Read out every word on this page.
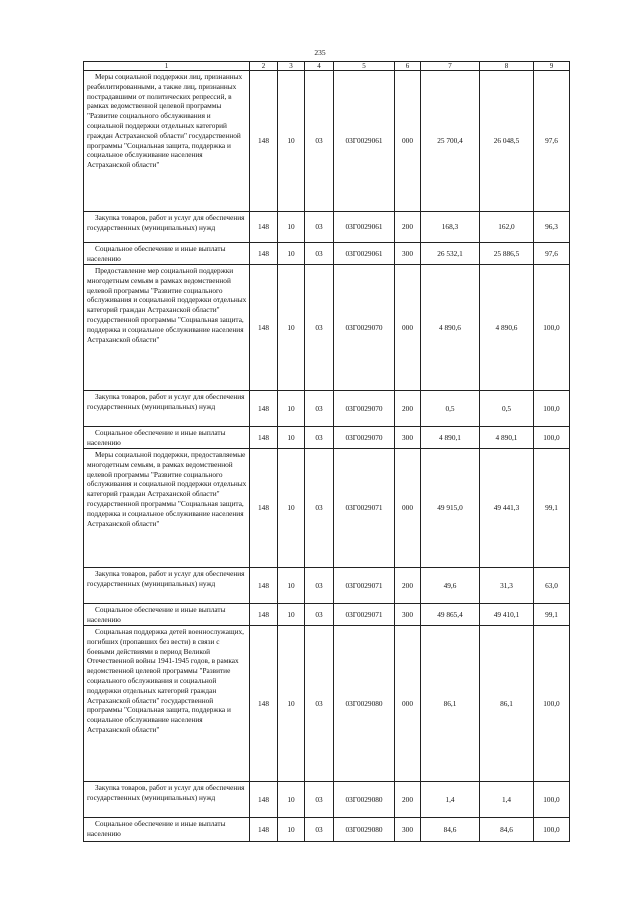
235
1	2	3	4	5	6	7	8	9

Меры социальной поддержки лиц, признанных реабилитированными, а также лиц, признанных пострадавшими от политических репрессий, в рамках ведомственной целевой программы "Развитие социального обслуживания и социальной поддержки отдельных категорий граждан Астраханской области" государственной программы "Социальная защита, поддержка и социальное обслуживание населения Астраханской области"	148	10	03	03Г0029061	000	25 700,4	26 048,5	97,6

Закупка товаров, работ и услуг для обеспечения государственных (муниципальных) нужд	148	10	03	03Г0029061	200	168,3	162,0	96,3

Социальное обеспечение и иные выплаты населению	148	10	03	03Г0029061	300	26 532,1	25 886,5	97,6

Предоставление мер социальной поддержки многодетным семьям в рамках ведомственной целевой программы "Развитие социального обслуживания и социальной поддержки отдельных категорий граждан Астраханской области" государственной программы "Социальная защита, поддержка и социальное обслуживание населения Астраханской области"	148	10	03	03Г0029070	000	4 890,6	4 890,6	100,0

Закупка товаров, работ и услуг для обеспечения государственных (муниципальных) нужд	148	10	03	03Г0029070	200	0,5	0,5	100,0

Социальное обеспечение и иные выплаты населению	148	10	03	03Г0029070	300	4 890,1	4 890,1	100,0

Меры социальной поддержки, предоставляемые многодетным семьям, в рамках ведомственной целевой программы "Развитие социального обслуживания и социальной поддержки отдельных категорий граждан Астраханской области" государственной программы "Социальная защита, поддержка и социальное обслуживание населения Астраханской области"	148	10	03	03Г0029071	000	49 915,0	49 441,3	99,1

Закупка товаров, работ и услуг для обеспечения государственных (муниципальных) нужд	148	10	03	03Г0029071	200	49,6	31,3	63,0

Социальное обеспечение и иные выплаты населению	148	10	03	03Г0029071	300	49 865,4	49 410,1	99,1

Социальная поддержка детей военнослужащих, погибших (пропавших без вести) в связи с боевыми действиями в период Великой Отечественной войны 1941-1945 годов, в рамках ведомственной целевой программы "Развитие социального обслуживания и социальной поддержки отдельных категорий граждан Астраханской области" государственной программы "Социальная защита, поддержка и социальное обслуживание населения Астраханской области"	148	10	03	03Г0029080	000	86,1	86,1	100,0

Закупка товаров, работ и услуг для обеспечения государственных (муниципальных) нужд	148	10	03	03Г0029080	200	1,4	1,4	100,0

Социальное обеспечение и иные выплаты населению	148	10	03	03Г0029080	300	84,6	84,6	100,0
